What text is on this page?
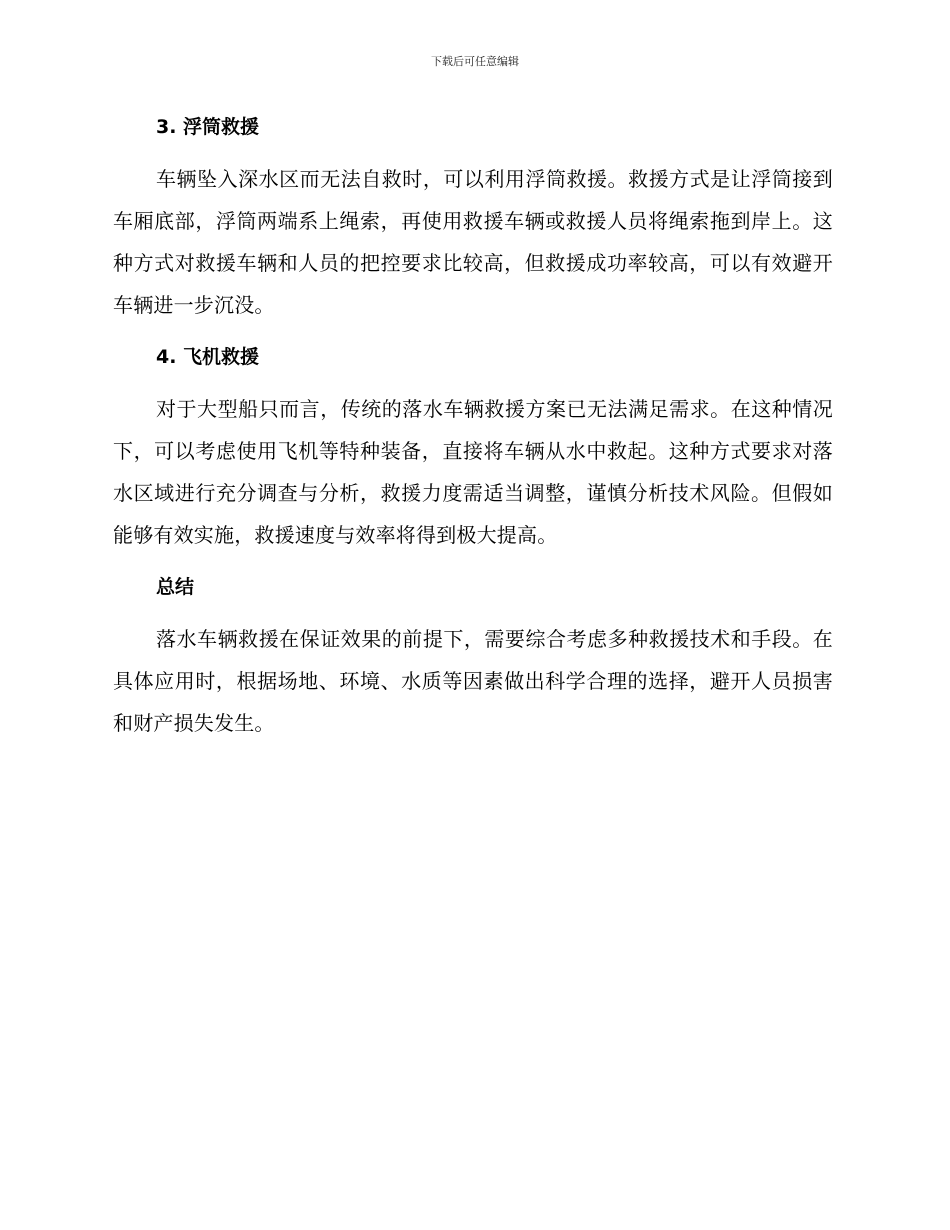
下载后可任意编辑
3. 浮筒救援

车辆坠入深水区而无法自救时，可以利用浮筒救援。救援方式是让浮筒接到车厢底部，浮筒两端系上绳索，再使用救援车辆或救援人员将绳索拖到岸上。这种方式对救援车辆和人员的把控要求比较高，但救援成功率较高，可以有效避开车辆进一步沉没。

4. 飞机救援

对于大型船只而言，传统的落水车辆救援方案已无法满足需求。在这种情况下，可以考虑使用飞机等特种装备，直接将车辆从水中救起。这种方式要求对落水区域进行充分调查与分析，救援力度需适当调整，谨慎分析技术风险。但假如能够有效实施，救援速度与效率将得到极大提高。

总结

落水车辆救援在保证效果的前提下，需要综合考虑多种救援技术和手段。在具体应用时，根据场地、环境、水质等因素做出科学合理的选择，避开人员损害和财产损失发生。
